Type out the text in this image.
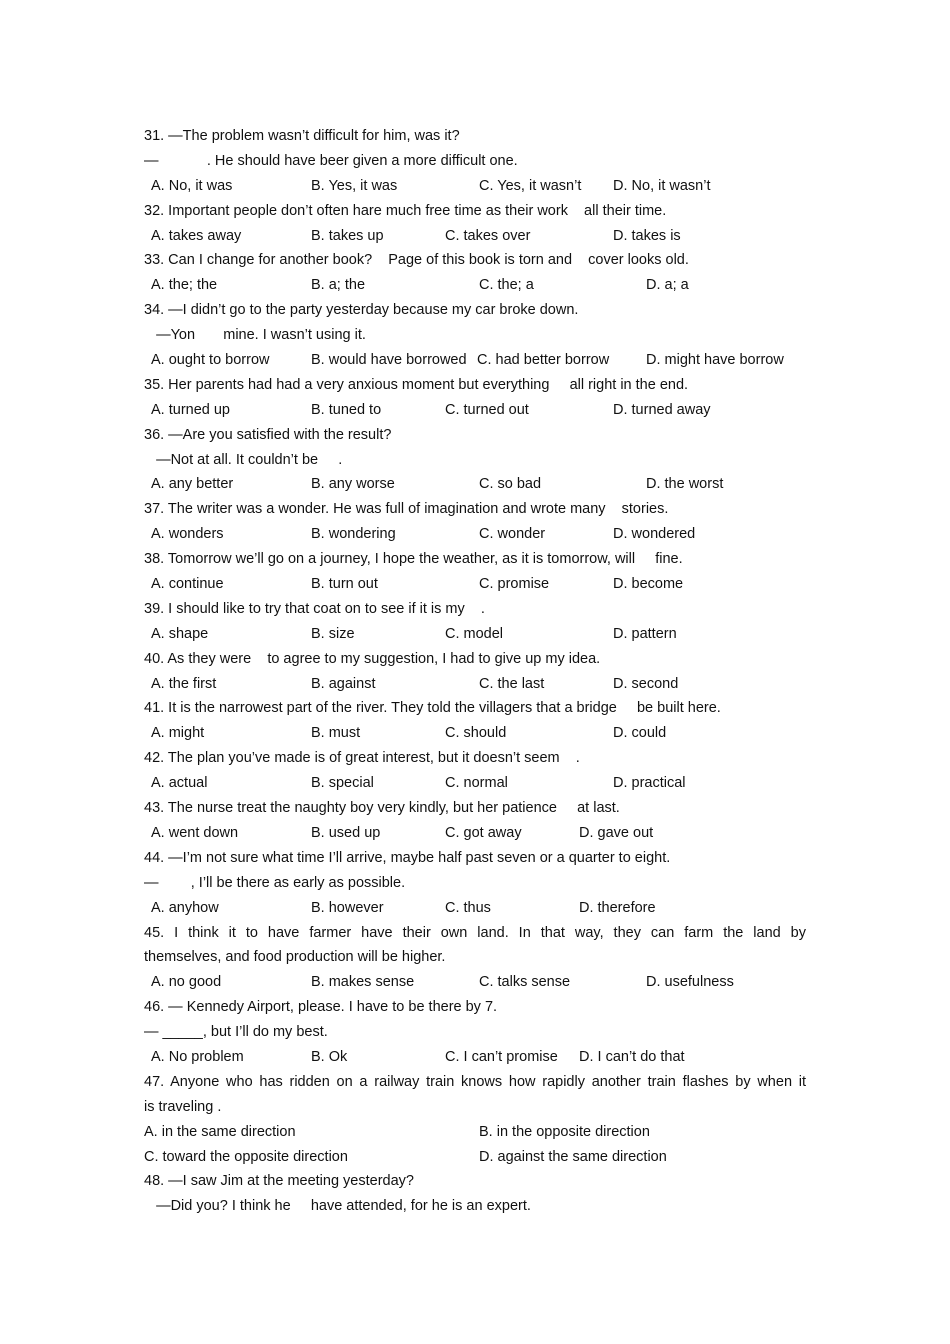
31. —The problem wasn’t difficult for him, was it?
—            . He should have beer given a more difficult one.
A. No, it was	B. Yes, it was	C. Yes, it wasn’t D. No, it wasn’t
32. Important people don’t often hare much free time as their work    all their time.
A. takes away	B. takes up	C. takes over	D. takes is
33. Can I change for another book?    Page of this book is torn and    cover looks old.
A. the; the	B. a; the	C. the; a	D. a; a
34. —I didn’t go to the party yesterday because my car broke down.
—Yon       mine. I wasn’t using it.
A. ought to borrow	B. would have borrowed C. had better borrow	D. might have borrow
35. Her parents had had a very anxious moment but everything     all right in the end.
A. turned up	B. tuned to	C. turned out	D. turned away
36. —Are you satisfied with the result?
—Not at all. It couldn’t be     .
A. any better	B. any worse	C. so bad	D. the worst
37. The writer was a wonder. He was full of imagination and wrote many    stories.
A. wonders	B. wondering	C. wonder	D. wondered
38. Tomorrow we’ll go on a journey, I hope the weather, as it is tomorrow, will     fine.
A. continue	B. turn out	C. promise	D. become
39. I should like to try that coat on to see if it is my    .
A. shape	B. size	C. model	D. pattern
40. As they were    to agree to my suggestion, I had to give up my idea.
A. the first	B. against	C. the last	D. second
41. It is the narrowest part of the river. They told the villagers that a bridge     be built here.
A. might	B. must	C. should	D. could
42. The plan you’ve made is of great interest, but it doesn’t seem    .
A. actual	B. special	C. normal	D. practical
43. The nurse treat the naughty boy very kindly, but her patience     at last.
A. went down	B. used up	C. got away	D. gave out
44. —I’m not sure what time I’ll arrive, maybe half past seven or a quarter to eight.
—        , I’ll be there as early as possible.
A. anyhow	B. however	C. thus	D. therefore
45. I think it to have farmer have their own land. In that way, they can farm the land by
themselves, and food production will be higher.
A. no good	B. makes sense	C. talks sense	D. usefulness
46. — Kennedy Airport, please. I have to be there by 7.
— _____, but I’ll do my best.
A. No problem	B. Ok	C. I can’t promise D. I can’t do that
47. Anyone who has ridden on a railway train knows how rapidly another train flashes by when it
is traveling .
A. in the same direction	B. in the opposite direction
C. toward the opposite direction	D. against the same direction
48. —I saw Jim at the meeting yesterday?
—Did you? I think he     have attended, for he is an expert.
